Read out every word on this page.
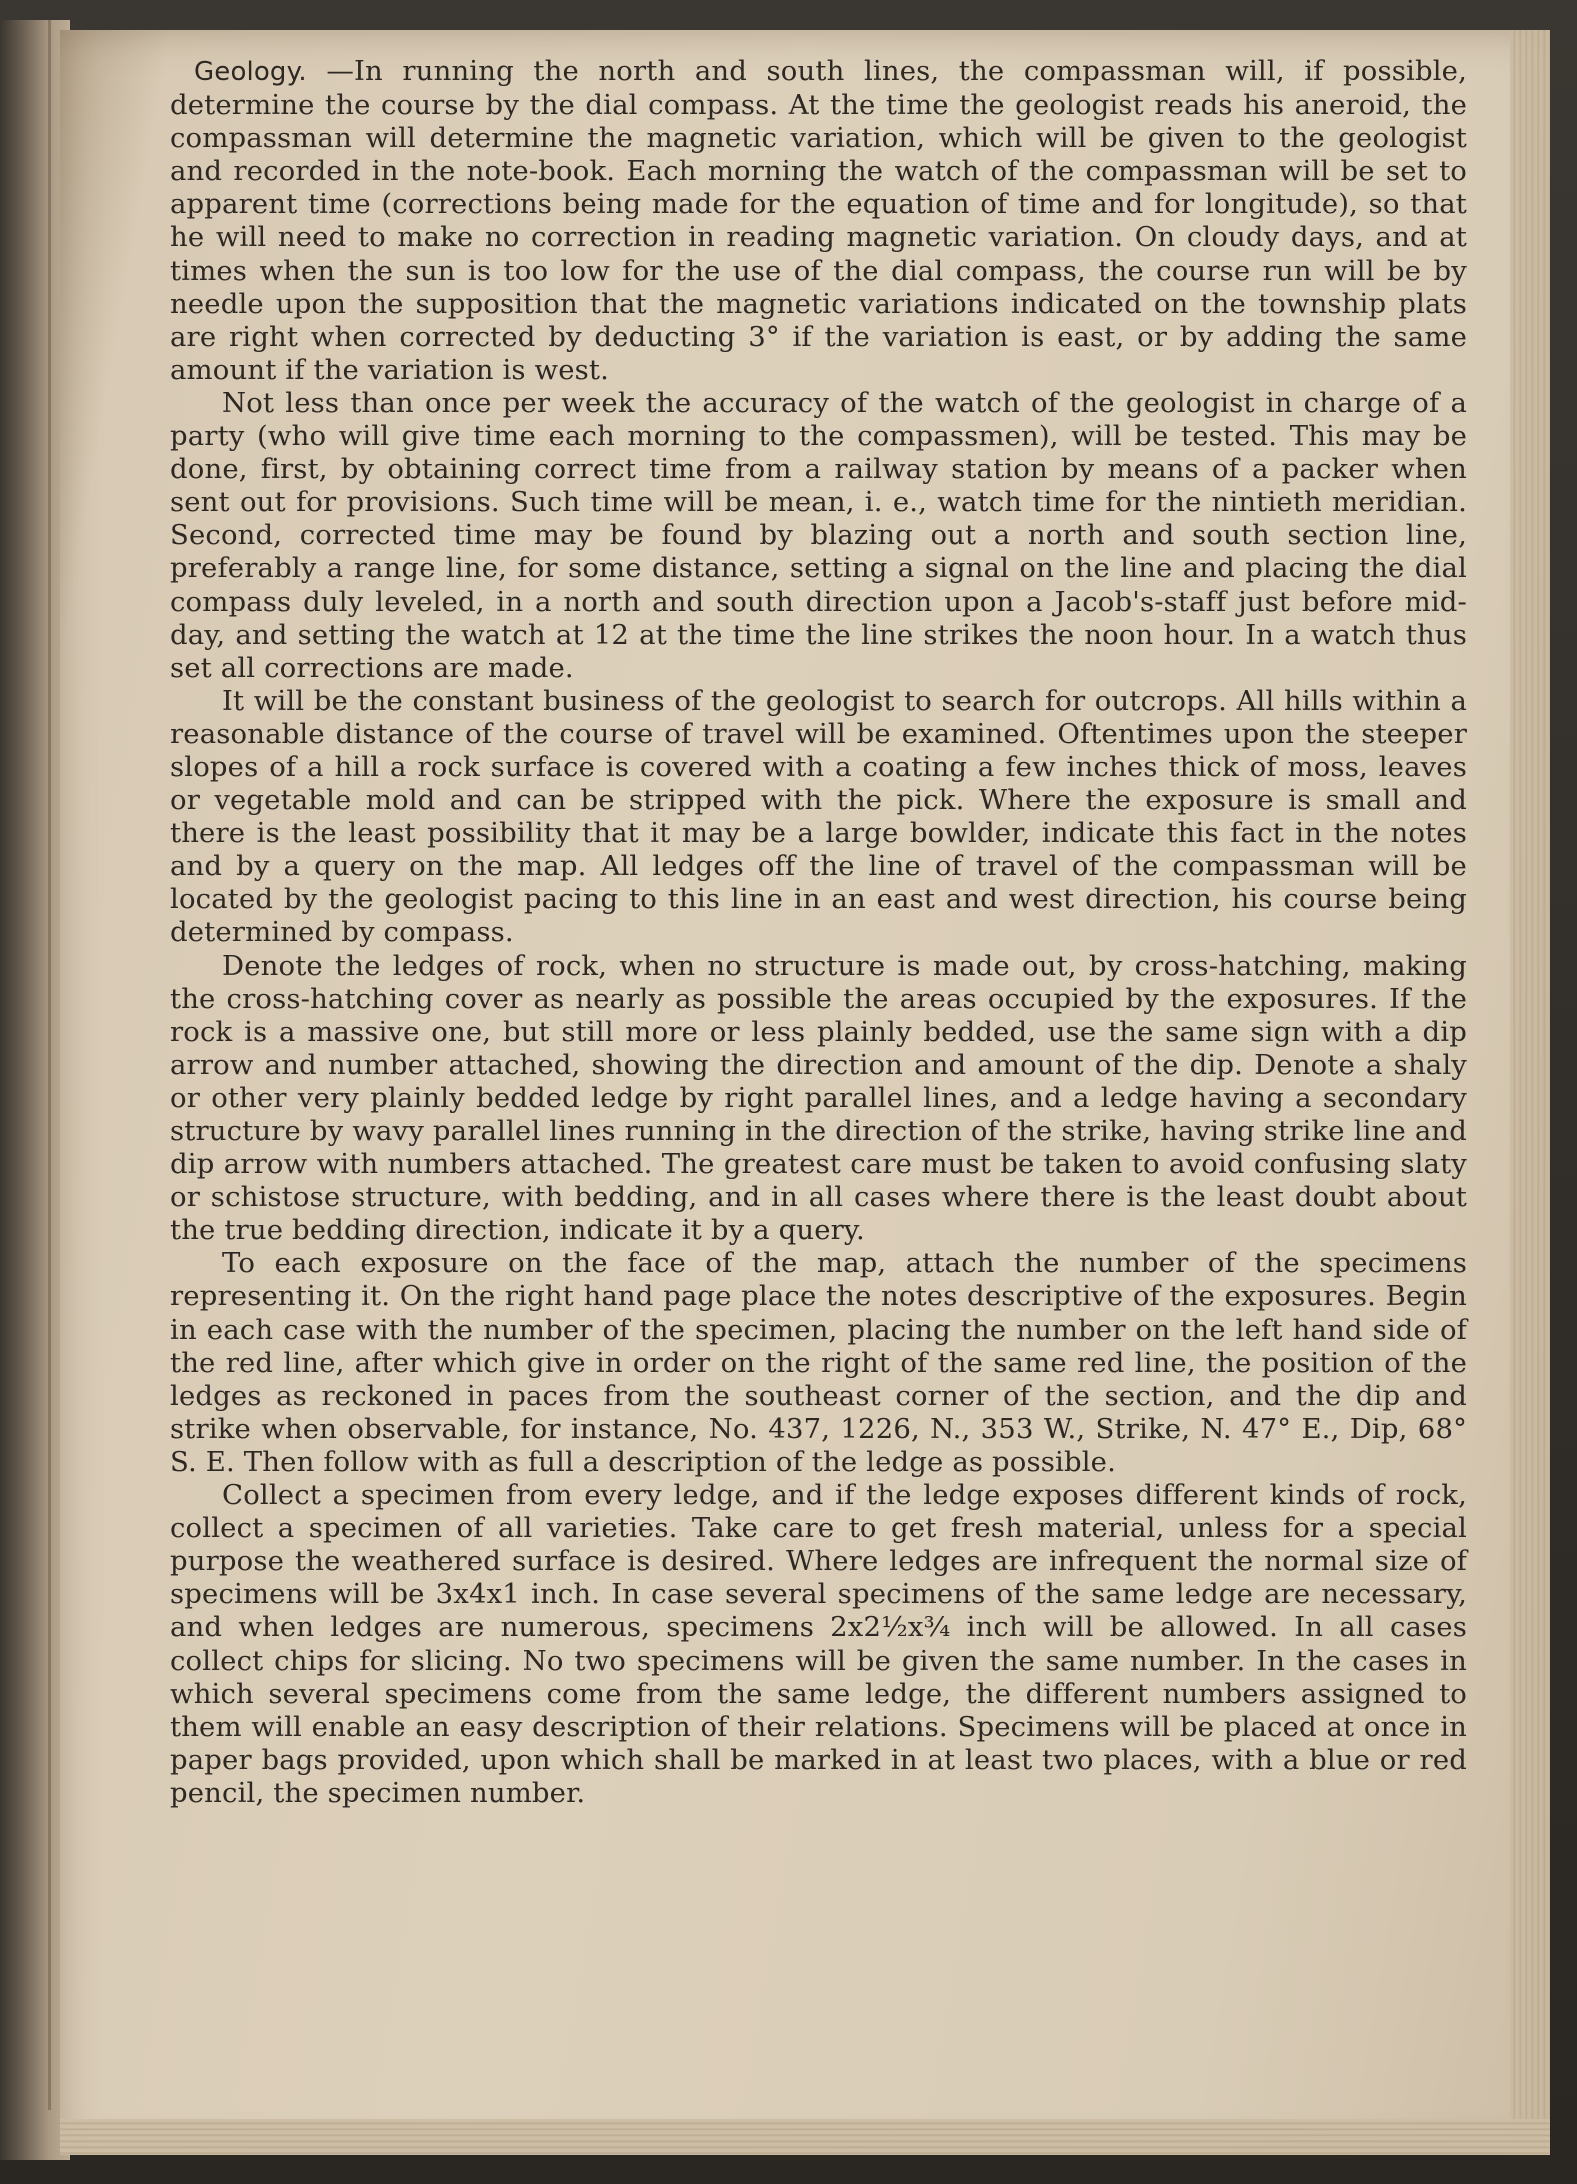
Geology. —In running the north and south lines, the compassman will, if possible, determine the course by the dial compass. At the time the geologist reads his aneroid, the compassman will determine the magnetic variation, which will be given to the geologist and recorded in the note-book. Each morning the watch of the compassman will be set to apparent time (corrections being made for the equation of time and for longitude), so that he will need to make no correction in reading magnetic variation. On cloudy days, and at times when the sun is too low for the use of the dial compass, the course run will be by needle upon the supposition that the magnetic variations indicated on the township plats are right when corrected by deducting 3° if the variation is east, or by adding the same amount if the variation is west.

Not less than once per week the accuracy of the watch of the geologist in charge of a party (who will give time each morning to the compassmen), will be tested. This may be done, first, by obtaining correct time from a railway station by means of a packer when sent out for provisions. Such time will be mean, i. e., watch time for the nintieth meridian. Second, corrected time may be found by blazing out a north and south section line, preferably a range line, for some distance, setting a signal on the line and placing the dial compass duly leveled, in a north and south direction upon a Jacob's-staff just before mid-day, and setting the watch at 12 at the time the line strikes the noon hour. In a watch thus set all corrections are made.

It will be the constant business of the geologist to search for outcrops. All hills within a reasonable distance of the course of travel will be examined. Oftentimes upon the steeper slopes of a hill a rock surface is covered with a coating a few inches thick of moss, leaves or vegetable mold and can be stripped with the pick. Where the exposure is small and there is the least possibility that it may be a large bowlder, indicate this fact in the notes and by a query on the map. All ledges off the line of travel of the compassman will be located by the geologist pacing to this line in an east and west direction, his course being determined by compass.

Denote the ledges of rock, when no structure is made out, by cross-hatching, making the cross-hatching cover as nearly as possible the areas occupied by the exposures. If the rock is a massive one, but still more or less plainly bedded, use the same sign with a dip arrow and number attached, showing the direction and amount of the dip. Denote a shaly or other very plainly bedded ledge by right parallel lines, and a ledge having a secondary structure by wavy parallel lines running in the direction of the strike, having strike line and dip arrow with numbers attached. The greatest care must be taken to avoid confusing slaty or schistose structure, with bedding, and in all cases where there is the least doubt about the true bedding direction, indicate it by a query.

To each exposure on the face of the map, attach the number of the specimens representing it. On the right hand page place the notes descriptive of the exposures. Begin in each case with the number of the specimen, placing the number on the left hand side of the red line, after which give in order on the right of the same red line, the position of the ledges as reckoned in paces from the southeast corner of the section, and the dip and strike when observable, for instance, No. 437, 1226, N., 353 W., Strike, N. 47° E., Dip, 68° S. E. Then follow with as full a description of the ledge as possible.

Collect a specimen from every ledge, and if the ledge exposes different kinds of rock, collect a specimen of all varieties. Take care to get fresh material, unless for a special purpose the weathered surface is desired. Where ledges are infrequent the normal size of specimens will be 3x4x1 inch. In case several specimens of the same ledge are necessary, and when ledges are numerous, specimens 2x2½x¾ inch will be allowed. In all cases collect chips for slicing. No two specimens will be given the same number. In the cases in which several specimens come from the same ledge, the different numbers assigned to them will enable an easy description of their relations. Specimens will be placed at once in paper bags provided, upon which shall be marked in at least two places, with a blue or red pencil, the specimen number.
